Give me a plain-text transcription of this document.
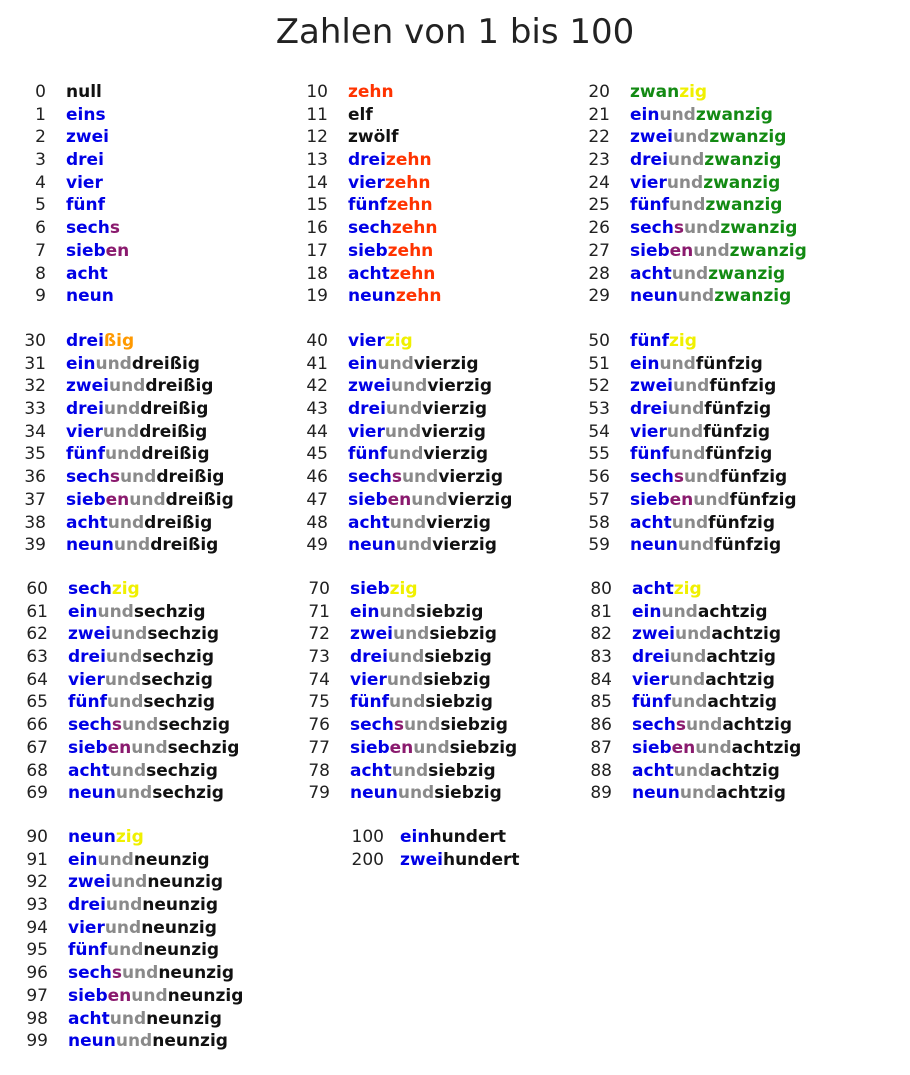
Zahlen von 1 bis 100
0 null
1 eins
2 zwei
3 drei
4 vier
5 fünf
6 sechs
7 sieben
8 acht
9 neun
10 zehn
11 elf
12 zwölf
13 dreizehn
14 vierzehn
15 fünfzehn
16 sechzehn
17 siebzehn
18 achtzehn
19 neunzehn
20 zwanzig
21 einundzwanzig
22 zweiundzwanzig
23 dreiundzwanzig
24 vierundzwanzig
25 fünfundzwanzig
26 sechsundzwanzig
27 siebenundzwanzig
28 achtundzwanzig
29 neunundzwanzig
30 dreißig
31 einunddreißig
32 zweiunddreißig
33 dreiunddreißig
34 vierunddreißig
35 fünfunddreißig
36 sechsunddreißig
37 siebenunddreißig
38 achtunddreißig
39 neununddreißig
40 vierzig
41 einundvierzig
42 zweiundvierzig
43 dreiundvierzig
44 vierundvierzig
45 fünfundvierzig
46 sechsundvierzig
47 siebenundvierzig
48 achtundvierzig
49 neunundvierzig
50 fünfzig
51 einundfünfzig
52 zweiundfünfzig
53 dreiundfünfzig
54 vierundfünfzig
55 fünfundfünfzig
56 sechsundfünfzig
57 siebenundfünfzig
58 achtundfünfzig
59 neunundfünfzig
60 sechzig
61 einundsechzig
62 zweiundsechzig
63 dreiundsechzig
64 vierundsechzig
65 fünfundsechzig
66 sechsundsechzig
67 siebenundsechzig
68 achtundsechzig
69 neunundsechzig
70 siebzig
71 einundsiebzig
72 zweiundsiebzig
73 dreiundsiebzig
74 vierundsiebzig
75 fünfundsiebzig
76 sechsundsiebzig
77 siebenundsiebzig
78 achtundsiebzig
79 neunundsiebzig
80 achtzig
81 einundachtzig
82 zweiundachtzig
83 dreiundachtzig
84 vierundachtzig
85 fünfundachtzig
86 sechsundachtzig
87 siebenundachtzig
88 achtundachtzig
89 neunundachtzig
90 neunzig
91 einundneunzig
92 zweiundneunzig
93 dreiundneunzig
94 vierundneunzig
95 fünfundneunzig
96 sechsundneunzig
97 siebenundneunzig
98 achtundneunzig
99 neunundneunzig
100 einhundert
200 zweihundert
